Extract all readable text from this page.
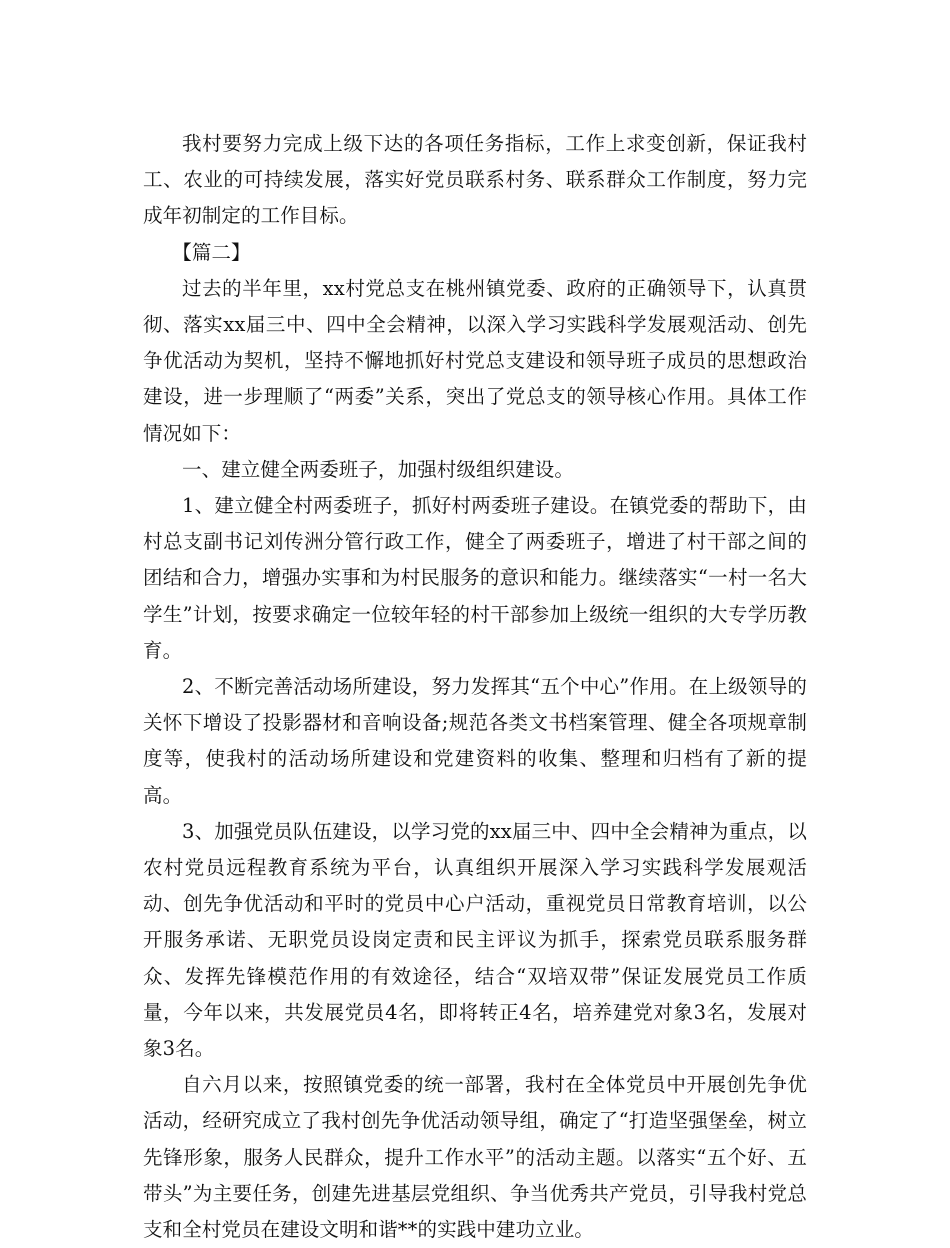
我村要努力完成上级下达的各项任务指标，工作上求变创新，保证我村工、农业的可持续发展，落实好党员联系村务、联系群众工作制度，努力完成年初制定的工作目标。

【篇二】

过去的半年里，xx村党总支在桃州镇党委、政府的正确领导下，认真贯彻、落实xx届三中、四中全会精神，以深入学习实践科学发展观活动、创先争优活动为契机，坚持不懈地抓好村党总支建设和领导班子成员的思想政治建设，进一步理顺了“两委”关系，突出了党总支的领导核心作用。具体工作情况如下：

一、建立健全两委班子，加强村级组织建设。

1、建立健全村两委班子，抓好村两委班子建设。在镇党委的帮助下，由村总支副书记刘传洲分管行政工作，健全了两委班子，增进了村干部之间的团结和合力，增强办实事和为村民服务的意识和能力。继续落实“一村一名大学生”计划，按要求确定一位较年轻的村干部参加上级统一组织的大专学历教育。

2、不断完善活动场所建设，努力发挥其“五个中心”作用。在上级领导的关怀下增设了投影器材和音响设备;规范各类文书档案管理、健全各项规章制度等，使我村的活动场所建设和党建资料的收集、整理和归档有了新的提高。

3、加强党员队伍建设，以学习党的xx届三中、四中全会精神为重点，以农村党员远程教育系统为平台，认真组织开展深入学习实践科学发展观活动、创先争优活动和平时的党员中心户活动，重视党员日常教育培训，以公开服务承诺、无职党员设岗定责和民主评议为抓手，探索党员联系服务群众、发挥先锋模范作用的有效途径，结合“双培双带”保证发展党员工作质量，今年以来，共发展党员4名，即将转正4名，培养建党对象3名，发展对象3名。

自六月以来，按照镇党委的统一部署，我村在全体党员中开展创先争优活动，经研究成立了我村创先争优活动领导组，确定了“打造坚强堡垒，树立先锋形象，服务人民群众，提升工作水平”的活动主题。以落实“五个好、五带头”为主要任务，创建先进基层党组织、争当优秀共产党员，引导我村党总支和全村党员在建设文明和谐**的实践中建功立业。
